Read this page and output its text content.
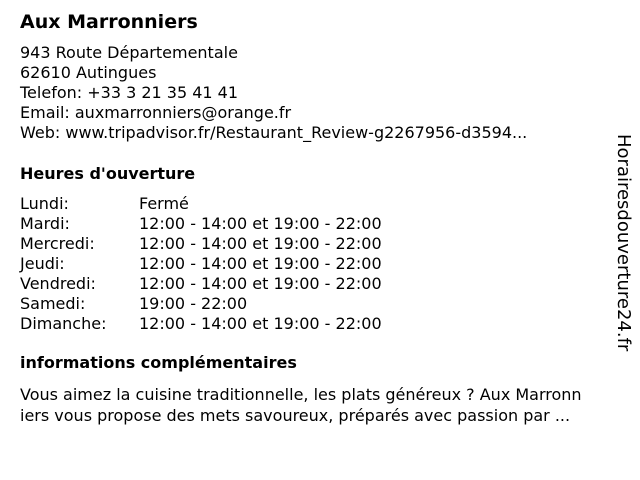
Aux Marronniers
943 Route Départementale
62610 Autingues
Telefon: +33 3 21 35 41 41
Email: auxmarronniers@orange.fr
Web: www.tripadvisor.fr/Restaurant_Review-g2267956-d3594...
Heures d'ouverture
Lundi:	Fermé
Mardi:	12:00 - 14:00 et 19:00 - 22:00
Mercredi:	12:00 - 14:00 et 19:00 - 22:00
Jeudi:	12:00 - 14:00 et 19:00 - 22:00
Vendredi:	12:00 - 14:00 et 19:00 - 22:00
Samedi:	19:00 - 22:00
Dimanche:	12:00 - 14:00 et 19:00 - 22:00
informations complémentaires
Vous aimez la cuisine traditionnelle, les plats généreux ? Aux Marronn
iers vous propose des mets savoureux, préparés avec passion par ...
Horairesdouverture24.fr
